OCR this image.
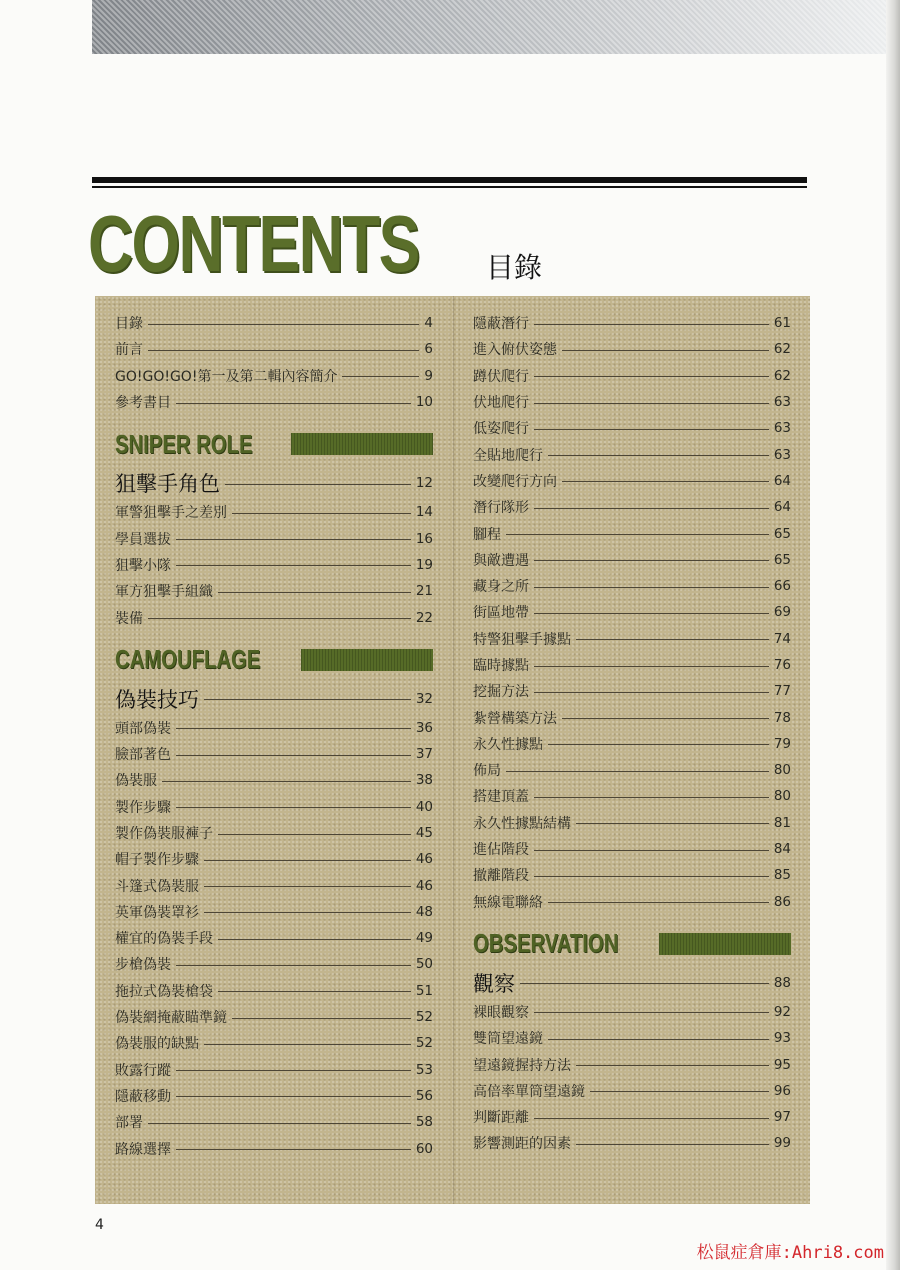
CONTENTS 目錄
目錄	4
前言	6
GO!GO!GO!第一及第二輯內容簡介	9
參考書目	10
SNIPER ROLE
狙擊手角色	12
軍警狙擊手之差別	14
學員選拔	16
狙擊小隊	19
軍方狙擊手組織	21
裝備	22
CAMOUFLAGE
偽裝技巧	32
頭部偽裝	36
臉部著色	37
偽裝服	38
製作步驟	40
製作偽裝服褲子	45
帽子製作步驟	46
斗篷式偽裝服	46
英軍偽裝罩衫	48
權宜的偽裝手段	49
步槍偽裝	50
拖拉式偽裝槍袋	51
偽裝網掩蔽瞄準鏡	52
偽裝服的缺點	52
敗露行蹤	53
隱蔽移動	56
部署	58
路線選擇	60
隱蔽潛行	61
進入俯伏姿態	62
蹲伏爬行	62
伏地爬行	63
低姿爬行	63
全貼地爬行	63
改變爬行方向	64
潛行隊形	64
腳程	65
與敵遭遇	65
藏身之所	66
街區地帶	69
特警狙擊手據點	74
臨時據點	76
挖掘方法	77
紮營構築方法	78
永久性據點	79
佈局	80
搭建頂蓋	80
永久性據點結構	81
進佔階段	84
撤離階段	85
無線電聯絡	86
OBSERVATION
觀察	88
裸眼觀察	92
雙筒望遠鏡	93
望遠鏡握持方法	95
高倍率單筒望遠鏡	96
判斷距離	97
影響測距的因素	99
4
松鼠症倉庫:Ahri8.com
